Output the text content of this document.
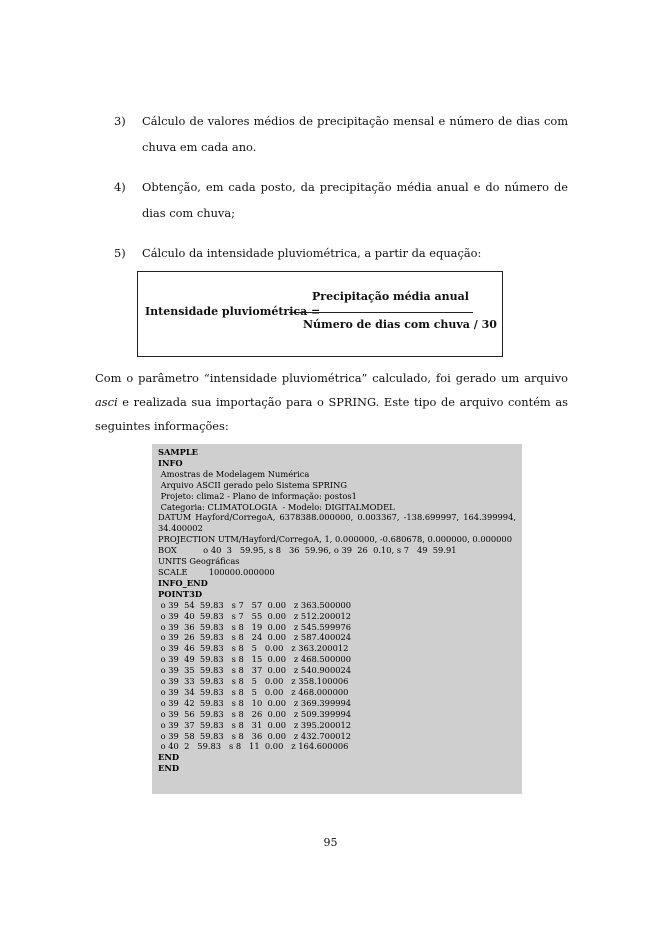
3)	Cálculo de valores médios de precipitação mensal e número de dias com chuva em cada ano.
4)	Obtenção, em cada posto, da precipitação média anual e do número de dias com chuva;
5)	Cálculo da intensidade pluviométrica, a partir da equação:
Intensidade pluviométrica =
Precipitação média anual
Número de dias com chuva / 30
Com o parâmetro “intensidade pluviométrica” calculado, foi gerado um arquivo asci e realizada sua importação para o SPRING. Este tipo de arquivo contém as seguintes informações:
SAMPLE
INFO
Amostras de Modelagem Numérica
Arquivo ASCII gerado pelo Sistema SPRING
Projeto: clima2 - Plano de informação: postos1
Categoria: CLIMATOLOGIA  - Modelo: DIGITALMODEL
DATUM Hayford/CorregoA, 6378388.000000, 0.003367, -138.699997, 164.399994, 34.400002
PROJECTION UTM/Hayford/CorregoA, 1, 0.000000, -0.680678, 0.000000, 0.000000
BOX          o 40  3   59.95, s 8   36  59.96, o 39  26  0.10, s 7   49  59.91
UNITS Geográficas
SCALE        100000.000000
INFO_END
POINT3D
o 39  54  59.83   s 7   57  0.00   z 363.500000
o 39  40  59.83   s 7   55  0.00   z 512.200012
o 39  36  59.83   s 8   19  0.00   z 545.599976
o 39  26  59.83   s 8   24  0.00   z 587.400024
o 39  46  59.83   s 8   5   0.00   z 363.200012
o 39  49  59.83   s 8   15  0.00   z 468.500000
o 39  35  59.83   s 8   37  0.00   z 540.900024
o 39  33  59.83   s 8   5   0.00   z 358.100006
o 39  34  59.83   s 8   5   0.00   z 468.000000
o 39  42  59.83   s 8   10  0.00   z 369.399994
o 39  56  59.83   s 8   26  0.00   z 509.399994
o 39  37  59.83   s 8   31  0.00   z 395.200012
o 39  58  59.83   s 8   36  0.00   z 432.700012
o 40  2   59.83   s 8   11  0.00   z 164.600006
END
END
95
